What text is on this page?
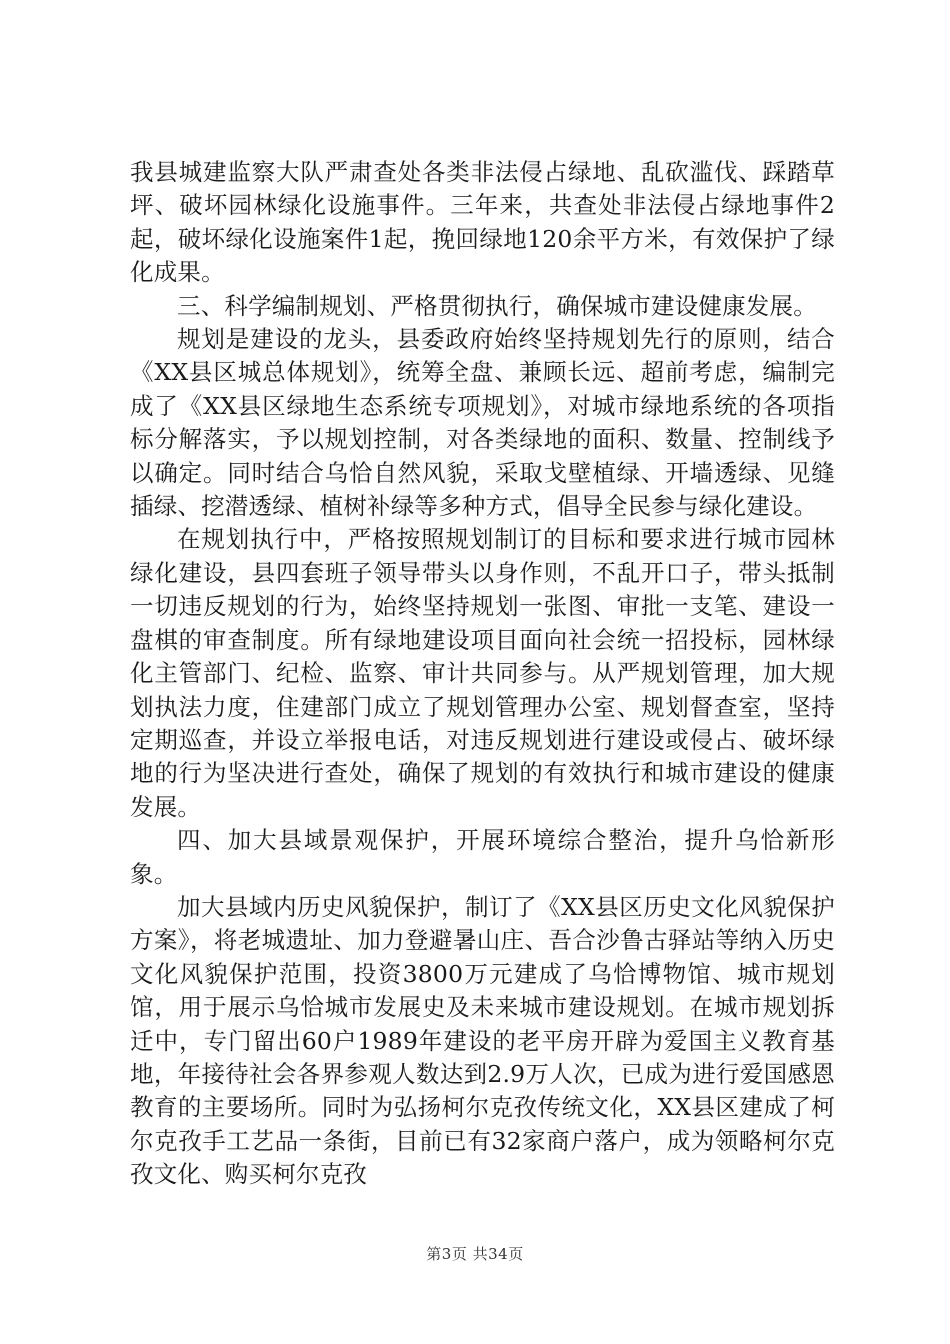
我县城建监察大队严肃查处各类非法侵占绿地、乱砍滥伐、踩踏草坪、破坏园林绿化设施事件。三年来，共查处非法侵占绿地事件2起，破坏绿化设施案件1起，挽回绿地120余平方米，有效保护了绿化成果。

三、科学编制规划、严格贯彻执行，确保城市建设健康发展。

规划是建设的龙头，县委政府始终坚持规划先行的原则，结合《XX县区城总体规划》，统筹全盘、兼顾长远、超前考虑，编制完成了《XX县区绿地生态系统专项规划》，对城市绿地系统的各项指标分解落实，予以规划控制，对各类绿地的面积、数量、控制线予以确定。同时结合乌恰自然风貌，采取戈壁植绿、开墙透绿、见缝插绿、挖潜透绿、植树补绿等多种方式，倡导全民参与绿化建设。

在规划执行中，严格按照规划制订的目标和要求进行城市园林绿化建设，县四套班子领导带头以身作则，不乱开口子，带头抵制一切违反规划的行为，始终坚持规划一张图、审批一支笔、建设一盘棋的审查制度。所有绿地建设项目面向社会统一招投标，园林绿化主管部门、纪检、监察、审计共同参与。从严规划管理，加大规划执法力度，住建部门成立了规划管理办公室、规划督查室，坚持定期巡查，并设立举报电话，对违反规划进行建设或侵占、破坏绿地的行为坚决进行查处，确保了规划的有效执行和城市建设的健康发展。

四、加大县域景观保护，开展环境综合整治，提升乌恰新形象。

加大县域内历史风貌保护，制订了《XX县区历史文化风貌保护方案》，将老城遗址、加力登避暑山庄、吾合沙鲁古驿站等纳入历史文化风貌保护范围，投资3800万元建成了乌恰博物馆、城市规划馆，用于展示乌恰城市发展史及未来城市建设规划。在城市规划拆迁中，专门留出60户1989年建设的老平房开辟为爱国主义教育基地，年接待社会各界参观人数达到2.9万人次，已成为进行爱国感恩教育的主要场所。同时为弘扬柯尔克孜传统文化，XX县区建成了柯尔克孜手工艺品一条街，目前已有32家商户落户，成为领略柯尔克孜文化、购买柯尔克孜

第3页 共34页
